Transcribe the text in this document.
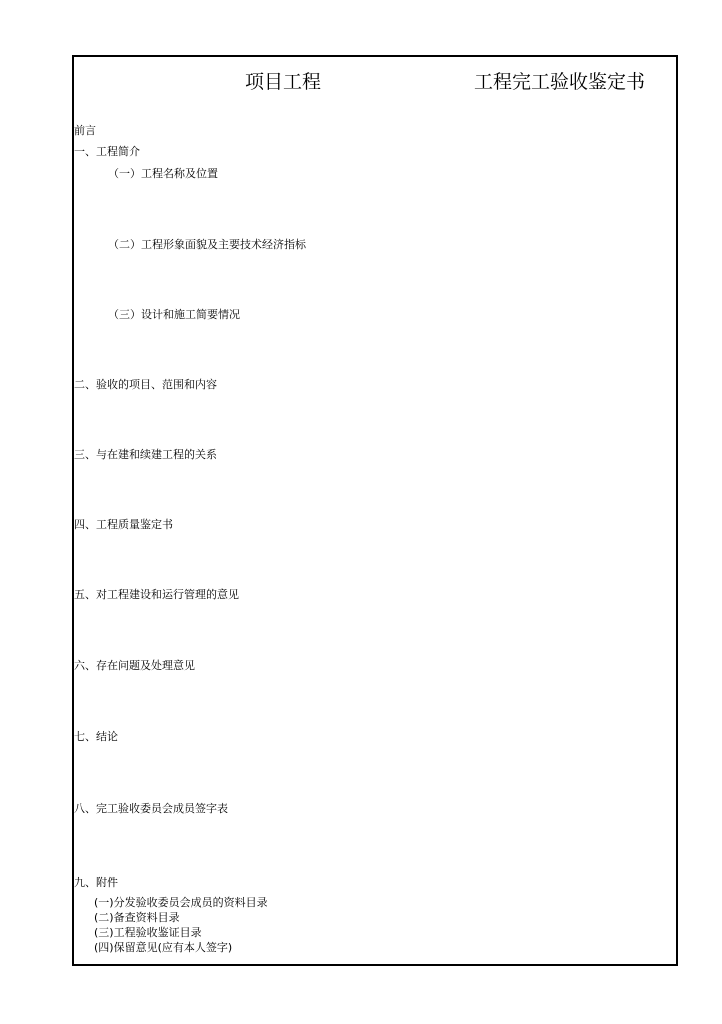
项目工程	工程完工验收鉴定书
前言
一、工程简介
（一）工程名称及位置
（二）工程形象面貌及主要技术经济指标
（三）设计和施工简要情况
二、验收的项目、范围和内容
三、与在建和续建工程的关系
四、工程质量鉴定书
五、对工程建设和运行管理的意见
六、存在问题及处理意见
七、结论
八、完工验收委员会成员签字表
九、附件
(一)分发验收委员会成员的资料目录
(二)备查资料目录
(三)工程验收鉴证目录
(四)保留意见(应有本人签字)
